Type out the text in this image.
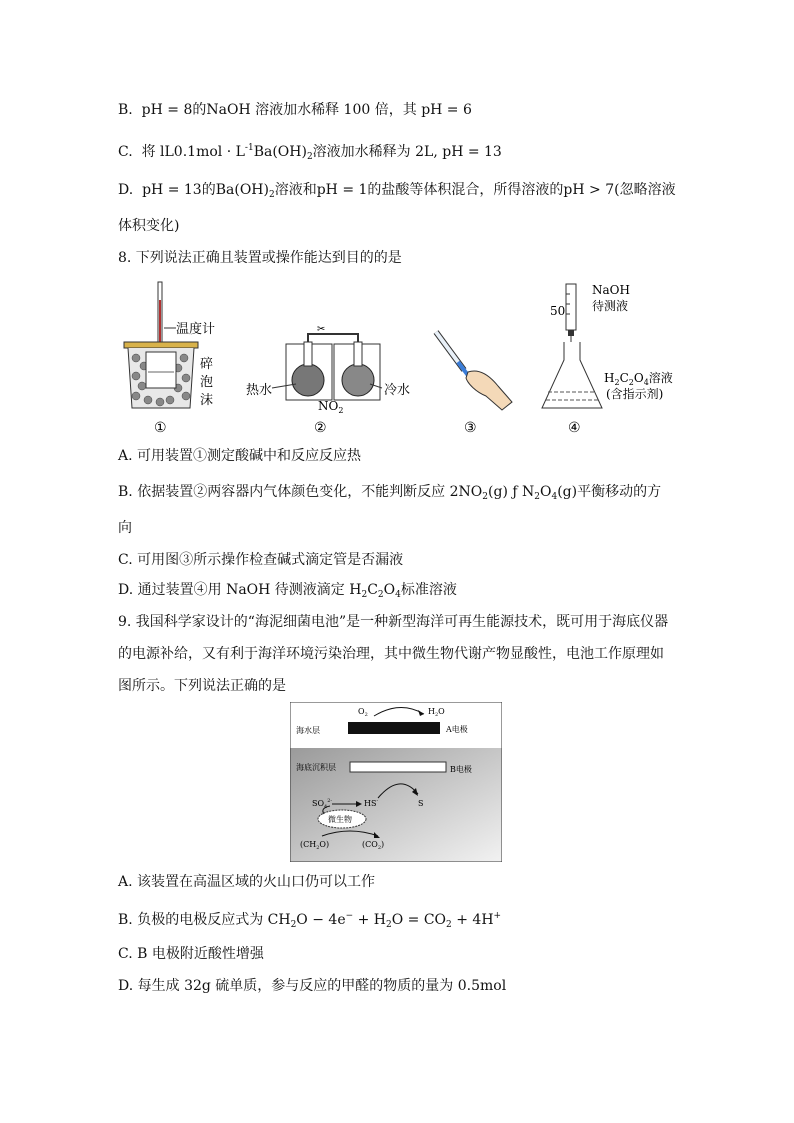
B. pH = 8的NaOH 溶液加水稀释 100 倍，其 pH = 6
C. 将 $lL0.1mol \cdot L^{-1}Ba(OH)_2$溶液加水稀释为 2L, pH = 13
D. pH = 13的$Ba(OH)_2$溶液和pH = 1的盐酸等体积混合，所得溶液的pH > 7(忽略溶液
体积变化)
8. 下列说法正确且装置或操作能达到目的的是
温度计
碎
泡
沫
✂
热水	冷水
$NO_2$
50
NaOH
待测液
$H_2C_2O_4$溶液
(含指示剂)
①	②	③	④
A. 可用装置①测定酸碱中和反应反应热
B. 依据装置②两容器内气体颜色变化，不能判断反应 $2NO_2(g)$ ƒ $N_2O_4(g)$平衡移动的方
向
C. 可用图③所示操作检查碱式滴定管是否漏液
D. 通过装置④用 NaOH 待测液滴定 $H_2C_2O_4$标准溶液
9. 我国科学家设计的“海泥细菌电池”是一种新型海洋可再生能源技术，既可用于海底仪器
的电源补给，又有利于海洋环境污染治理，其中微生物代谢产物显酸性，电池工作原理如
图所示。下列说法正确的是
$O_2$	$H_2O$
海水层	A电极
海底沉积层	B电极
$SO_4^{2-}$	HS-	S
微生物
$(CH_2O)$	$(CO_2)$
A. 该装置在高温区域的火山口仍可以工作
B. 负极的电极反应式为 $CH_2O - 4e^- + H_2O = CO_2 + 4H^+$
C. B 电极附近酸性增强
D. 每生成 32g 硫单质，参与反应的甲醛的物质的量为 0.5mol
